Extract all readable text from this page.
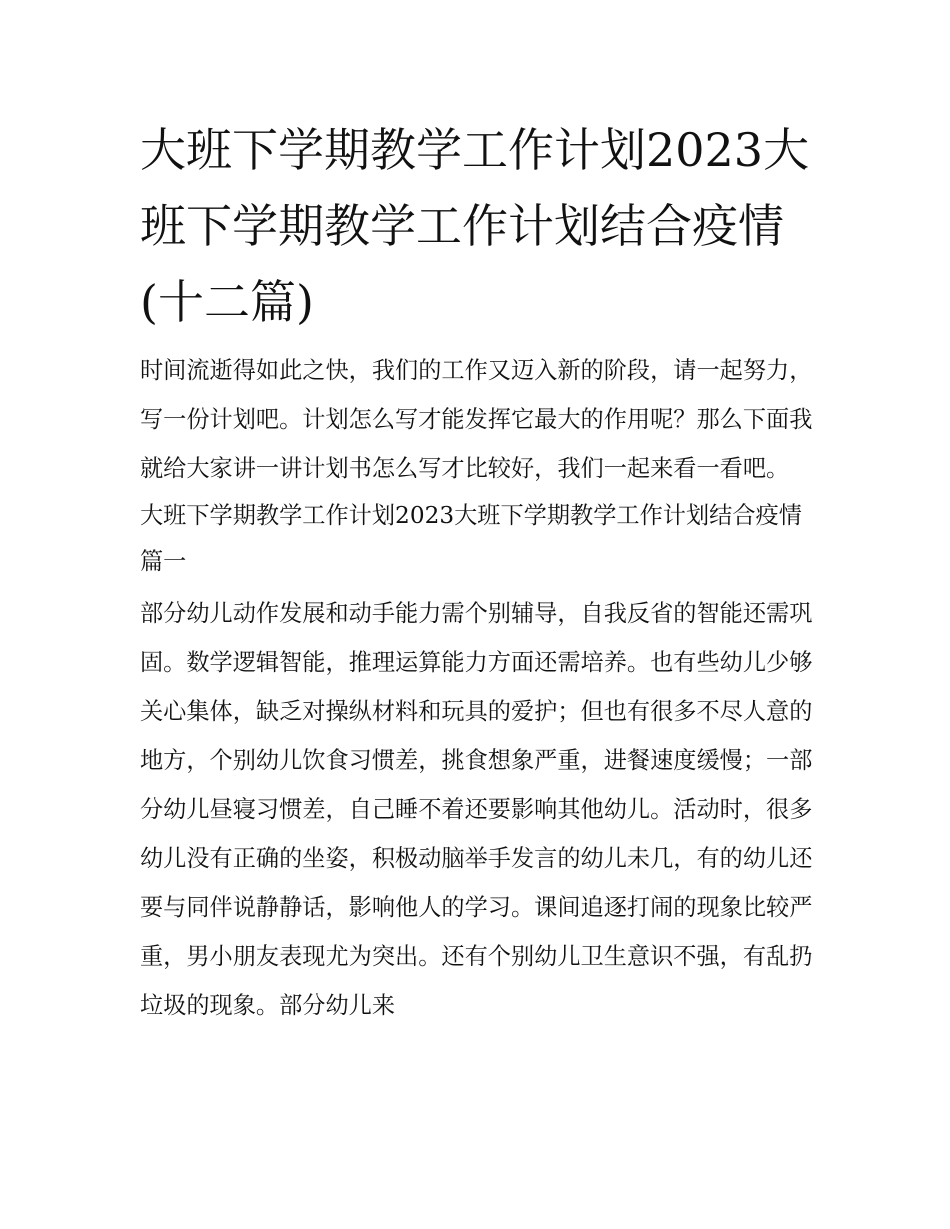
大班下学期教学工作计划2023大班下学期教学工作计划结合疫情(十二篇)

时间流逝得如此之快，我们的工作又迈入新的阶段，请一起努力，写一份计划吧。计划怎么写才能发挥它最大的作用呢？那么下面我就给大家讲一讲计划书怎么写才比较好，我们一起来看一看吧。

大班下学期教学工作计划2023大班下学期教学工作计划结合疫情篇一

部分幼儿动作发展和动手能力需个别辅导，自我反省的智能还需巩固。数学逻辑智能，推理运算能力方面还需培养。也有些幼儿少够关心集体，缺乏对操纵材料和玩具的爱护；但也有很多不尽人意的地方，个别幼儿饮食习惯差，挑食想象严重，进餐速度缓慢；一部分幼儿昼寝习惯差，自己睡不着还要影响其他幼儿。活动时，很多幼儿没有正确的坐姿，积极动脑举手发言的幼儿未几，有的幼儿还要与同伴说静静话，影响他人的学习。课间追逐打闹的现象比较严重，男小朋友表现尤为突出。还有个别幼儿卫生意识不强，有乱扔垃圾的现象。部分幼儿来
